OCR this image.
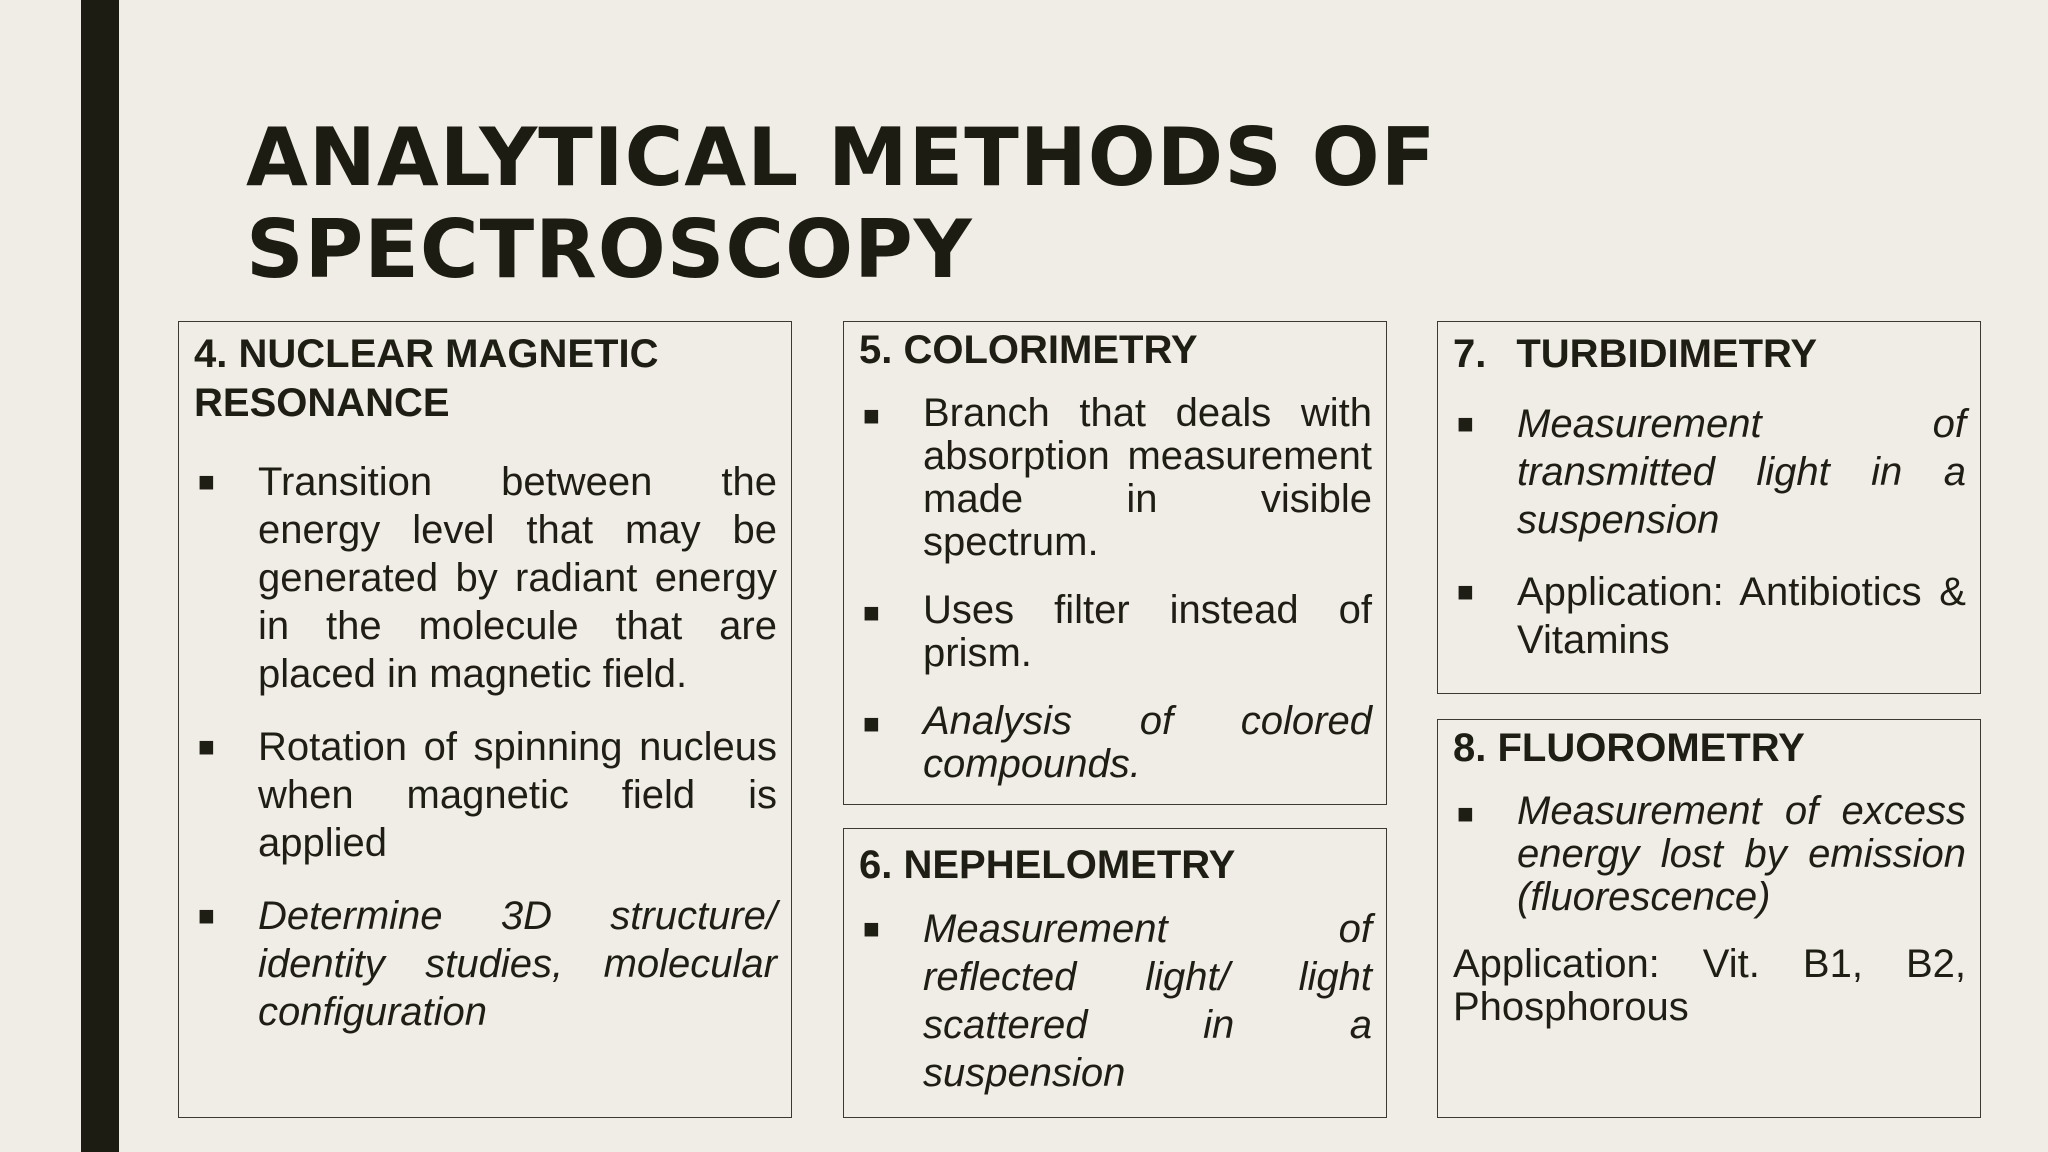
ANALYTICAL METHODS OF
SPECTROSCOPY
4. NUCLEAR MAGNETIC RESONANCE
■ Transition between the energy level that may be generated by radiant energy in the molecule that are placed in magnetic field.
■ Rotation of spinning nucleus when magnetic field is applied
■ Determine 3D structure/ identity studies, molecular configuration
5. COLORIMETRY
■ Branch that deals with absorption measurement made in visible spectrum.
■ Uses filter instead of prism.
■ Analysis of colored compounds.
6. NEPHELOMETRY
■ Measurement of reflected light/ light scattered in a suspension
7. TURBIDIMETRY
■ Measurement of transmitted light in a suspension
■ Application: Antibiotics & Vitamins
8. FLUOROMETRY
■ Measurement of excess energy lost by emission (fluorescence)

Application: Vit. B1, B2, Phosphorous
